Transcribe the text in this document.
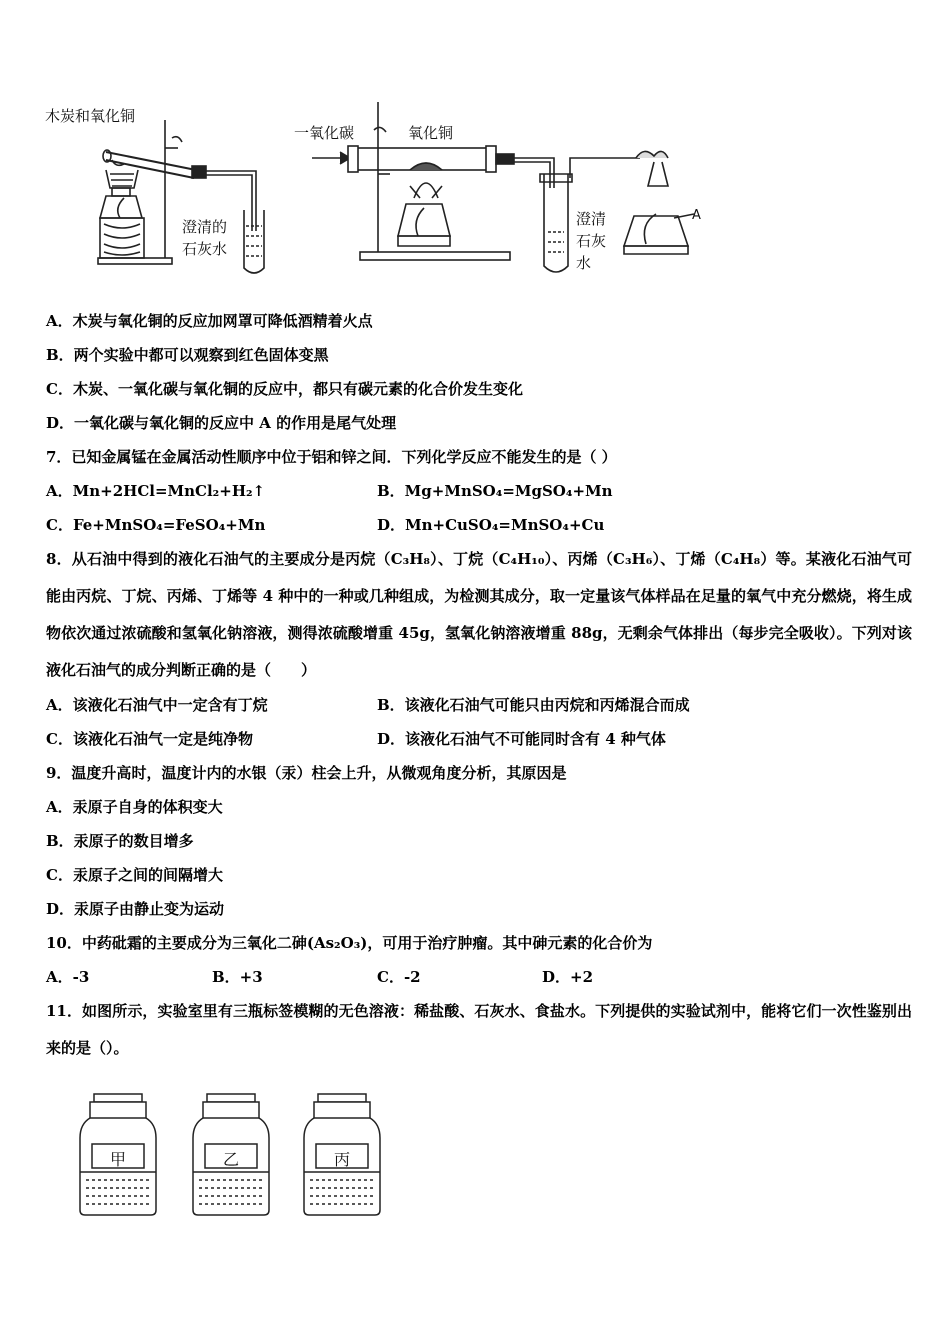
木炭和氧化铜
澄清的
石灰水
一氧化碳	氧化铜
澄清
石灰
水
A
A．木炭与氧化铜的反应加网罩可降低酒精着火点
B．两个实验中都可以观察到红色固体变黑
C．木炭、一氧化碳与氧化铜的反应中，都只有碳元素的化合价发生变化
D．一氧化碳与氧化铜的反应中 A 的作用是尾气处理
7．已知金属锰在金属活动性顺序中位于铝和锌之间．下列化学反应不能发生的是（ ）
A．Mn+2HCl=MnCl₂+H₂↑	B．Mg+MnSO₄=MgSO₄+Mn
C．Fe+MnSO₄=FeSO₄+Mn	D．Mn+CuSO₄=MnSO₄+Cu
8．从石油中得到的液化石油气的主要成分是丙烷（C₃H₈）、丁烷（C₄H₁₀）、丙烯（C₃H₆）、丁烯（C₄H₈）等。某液化石油气可能由丙烷、丁烷、丙烯、丁烯等 4 种中的一种或几种组成，为检测其成分，取一定量该气体样品在足量的氧气中充分燃烧，将生成物依次通过浓硫酸和氢氧化钠溶液，测得浓硫酸增重 45g，氢氧化钠溶液增重 88g，无剩余气体排出（每步完全吸收）。下列对该液化石油气的成分判断正确的是（　　）
A．该液化石油气中一定含有丁烷	B．该液化石油气可能只由丙烷和丙烯混合而成
C．该液化石油气一定是纯净物	D．该液化石油气不可能同时含有 4 种气体
9．温度升高时，温度计内的水银（汞）柱会上升，从微观角度分析，其原因是
A．汞原子自身的体积变大
B．汞原子的数目增多
C．汞原子之间的间隔增大
D．汞原子由静止变为运动
10．中药砒霜的主要成分为三氧化二砷(As₂O₃)，可用于治疗肿瘤。其中砷元素的化合价为
A．-3	B．+3	C．-2	D．+2
11．如图所示，实验室里有三瓶标签模糊的无色溶液：稀盐酸、石灰水、食盐水。下列提供的实验试剂中，能将它们一次性鉴别出来的是（）。
甲	乙	丙
